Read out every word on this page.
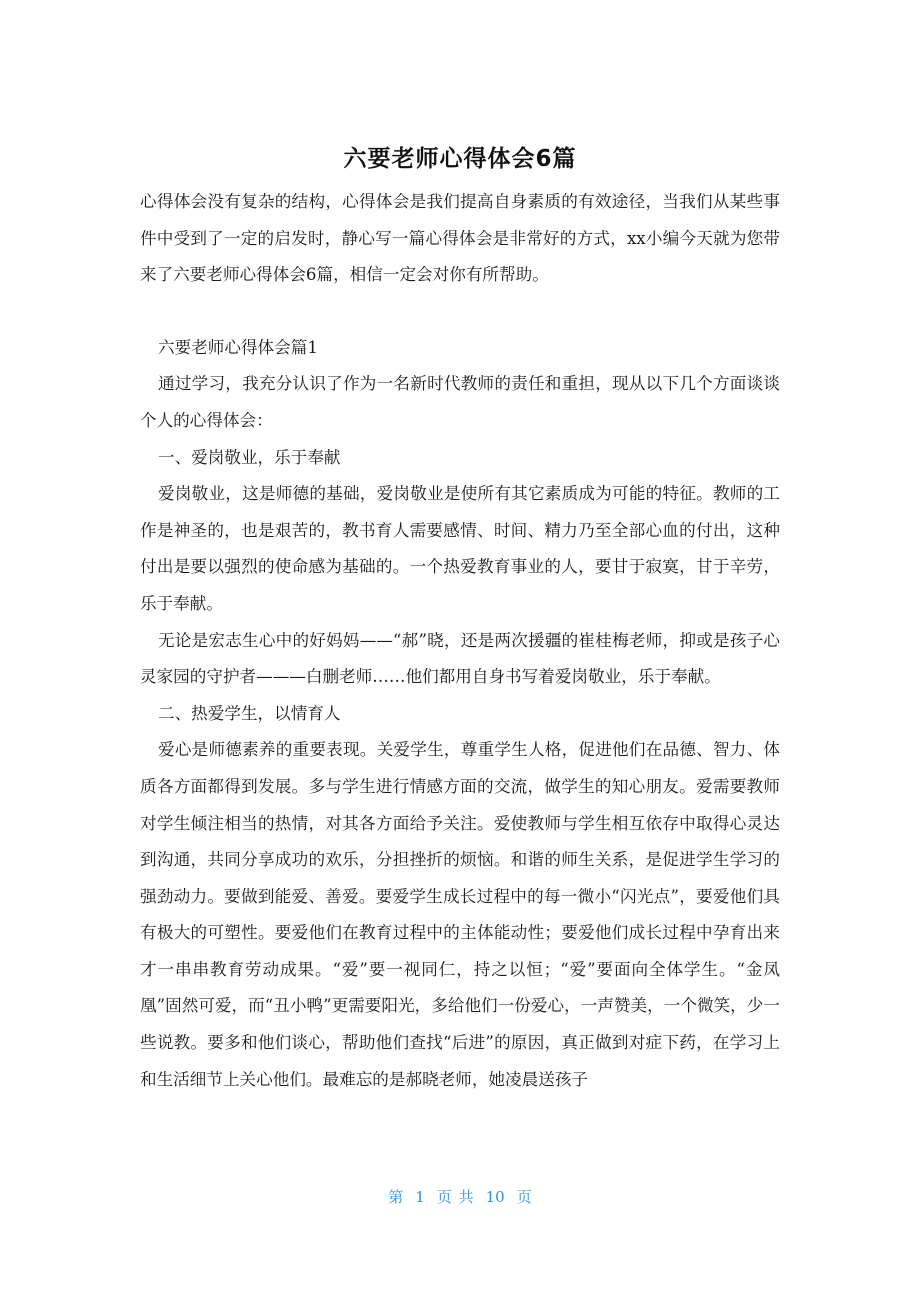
六要老师心得体会6篇

心得体会没有复杂的结构，心得体会是我们提高自身素质的有效途径，当我们从某些事件中受到了一定的启发时，静心写一篇心得体会是非常好的方式，xx小编今天就为您带来了六要老师心得体会6篇，相信一定会对你有所帮助。

六要老师心得体会篇1

通过学习，我充分认识了作为一名新时代教师的责任和重担，现从以下几个方面谈谈个人的心得体会：

一、爱岗敬业，乐于奉献

爱岗敬业，这是师德的基础，爱岗敬业是使所有其它素质成为可能的特征。教师的工作是神圣的，也是艰苦的，教书育人需要感情、时间、精力乃至全部心血的付出，这种付出是要以强烈的使命感为基础的。一个热爱教育事业的人，要甘于寂寞，甘于辛劳，乐于奉献。

无论是宏志生心中的好妈妈——“郝”晓，还是两次援疆的崔桂梅老师，抑或是孩子心灵家园的守护者———白删老师……他们都用自身书写着爱岗敬业，乐于奉献。

二、热爱学生，以情育人

爱心是师德素养的重要表现。关爱学生，尊重学生人格，促进他们在品德、智力、体质各方面都得到发展。多与学生进行情感方面的交流，做学生的知心朋友。爱需要教师对学生倾注相当的热情，对其各方面给予关注。爱使教师与学生相互依存中取得心灵达到沟通，共同分享成功的欢乐，分担挫折的烦恼。和谐的师生关系，是促进学生学习的强劲动力。要做到能爱、善爱。要爱学生成长过程中的每一微小“闪光点”，要爱他们具有极大的可塑性。要爱他们在教育过程中的主体能动性；要爱他们成长过程中孕育出来才一串串教育劳动成果。“爱”要一视同仁，持之以恒；“爱”要面向全体学生。“金凤凰”固然可爱，而“丑小鸭”更需要阳光，多给他们一份爱心，一声赞美，一个微笑，少一些说教。要多和他们谈心，帮助他们查找“后进”的原因，真正做到对症下药，在学习上和生活细节上关心他们。最难忘的是郝晓老师，她凌晨送孩子

第 1 页 共 10 页
